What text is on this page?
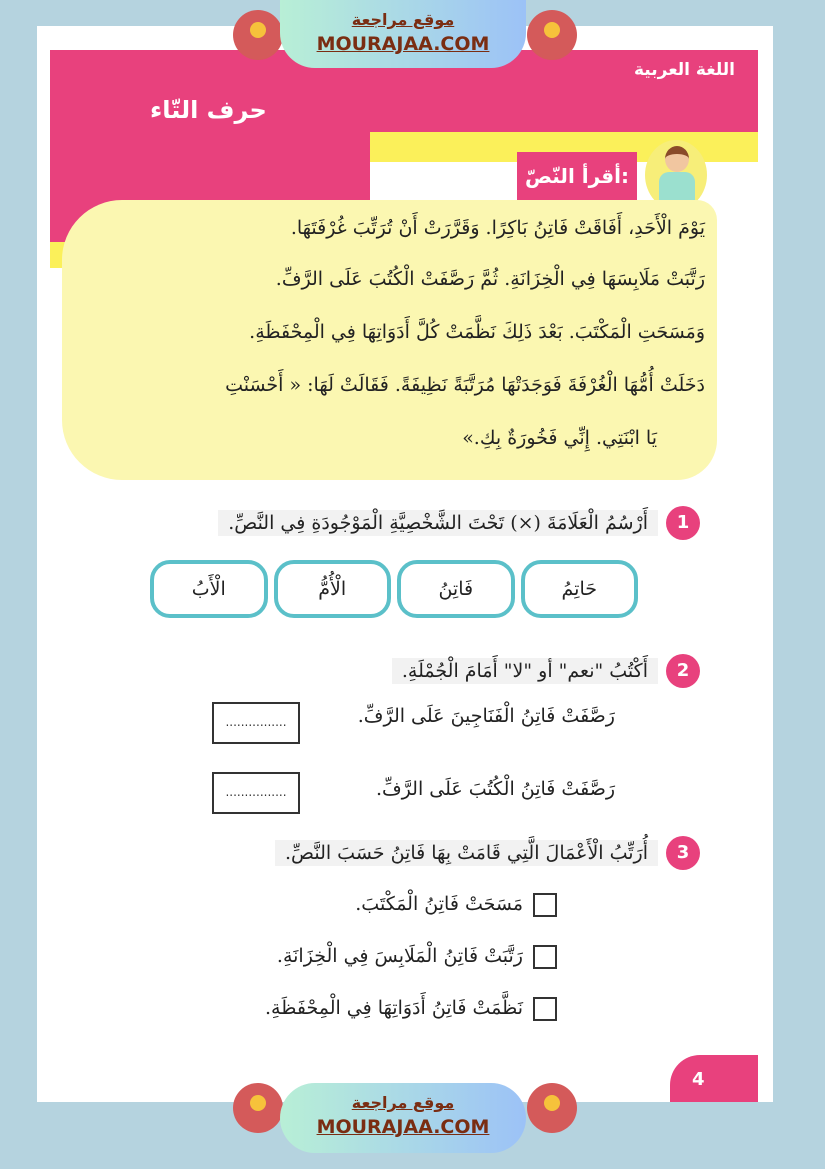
اللغة العربية
حرف التّاء
أقرأ النّصّ:

يَوْمَ الْأَحَدِ، أَفَاقَتْ فَاتِنُ بَاكِرًا. وَقَرَّرَتْ أَنْ تُرَتِّبَ غُرْفَتَهَا.

رَتَّبَتْ مَلَابِسَهَا فِي الْخِزَانَةِ. ثُمَّ رَصَّفَتْ الْكُتُبَ عَلَى الرَّفِّ.

وَمَسَحَتِ الْمَكْتَبَ. بَعْدَ ذَلِكَ نَظَّمَتْ كُلَّ أَدَوَاتِهَا فِي الْمِحْفَظَةِ.

دَخَلَتْ أُمُّهَا الْغُرْفَةَ فَوَجَدَتْهَا مُرَتَّبَةً نَظِيفَةً. فَقَالَتْ لَهَا: « أَحْسَنْتِ

يَا ابْنَتِي. إِنِّي فَخُورَةٌ بِكِ.»

1
أَرْسُمُ الْعَلَامَةَ (×) تَحْتَ الشَّخْصِيَّةِ الْمَوْجُودَةِ فِي النَّصِّ.
حَاتِمُ
فَاتِنُ
الْأُمُّ
الْأَبُ
2
أَكْتُبُ "نعم" أو "لا" أَمَامَ الْجُمْلَةِ.
رَصَّفَتْ فَاتِنُ الْفَنَاجِينَ عَلَى الرَّفِّ.
................
رَصَّفَتْ فَاتِنُ الْكُتُبَ عَلَى الرَّفِّ.
................
3
أُرَتِّبُ الْأَعْمَالَ الَّتِي قَامَتْ بِهَا فَاتِنُ حَسَبَ النَّصِّ.
مَسَحَتْ فَاتِنُ الْمَكْتَبَ.
رَتَّبَتْ فَاتِنُ الْمَلَابِسَ فِي الْخِزَانَةِ.
نَظَّمَتْ فَاتِنُ أَدَوَاتِهَا فِي الْمِحْفَظَةِ.
4
موقع مراجعة
MOURAJAA.COM
موقع مراجعة
MOURAJAA.COM
